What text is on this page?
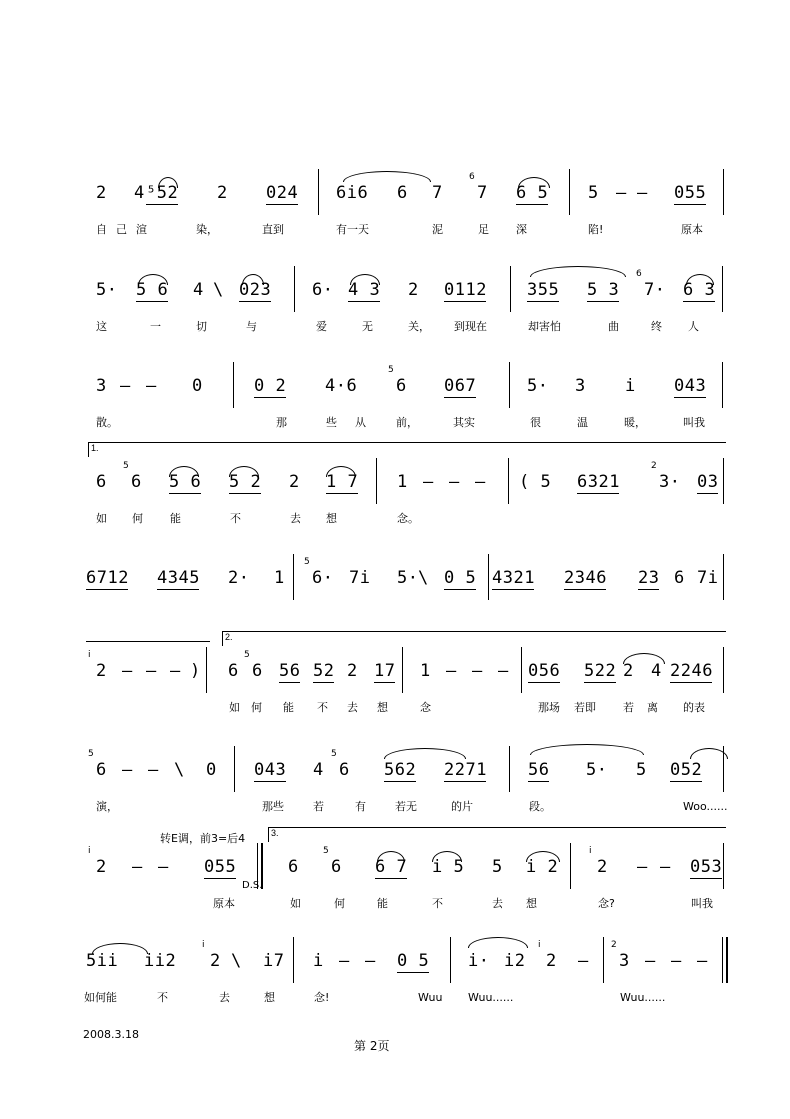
2 4 ⁵52 2 024 6i6 6 7 7
6
6 5 5 – – 055
自 己 渲	染，	直到	有一天	泥	足 深	陷!	原本
5· 5 6 4 \ 023 6· 4 3 2 0112 355 5 3 7·
6
6 3
这	一	切	与	爱	无	关， 到现在	却害怕	曲	终 人
3 – – 0	0 2 4·6 6
5
067	5· 3 i 043
散。	那	些 从	前，	其实	很	温	暖，	叫我
1.
6 6
5
5 6 5 2 2 1 7 1 – – – ( 5 6321 3·
2
03
如 何 能	不	去 想	念。
6712 4345 2· 1 6·
5
7i 5· \ 0 5 4321 2346 23 6 7i
2.
2
i
– – – ) 6 6
5
56 52 2 17 1 – – – 056 522 2 4 2246
如 何 能 不 去 想	念	那场 若即 若 离 的表
6
5
– – \ 0 043 4 6
5
562 2271 56 5· 5 052
演，	那些	若	有	若无	的片	段。	Woo......
3.
2
i
– – 055	6 6
5
6 7 i 5 5 i 2 2
i
– – 053
原本	如	何	能	不	去 想	念?	叫我
5ii ii2 2
i
\ i7 i – – 0 5 i· i2 2
i
– 3
2
– – –
如何能	不	去	想	念!	Wuu Wuu......	Wuu......
转E调，前3=后4
D.S.
2008.3.18
第 2页
